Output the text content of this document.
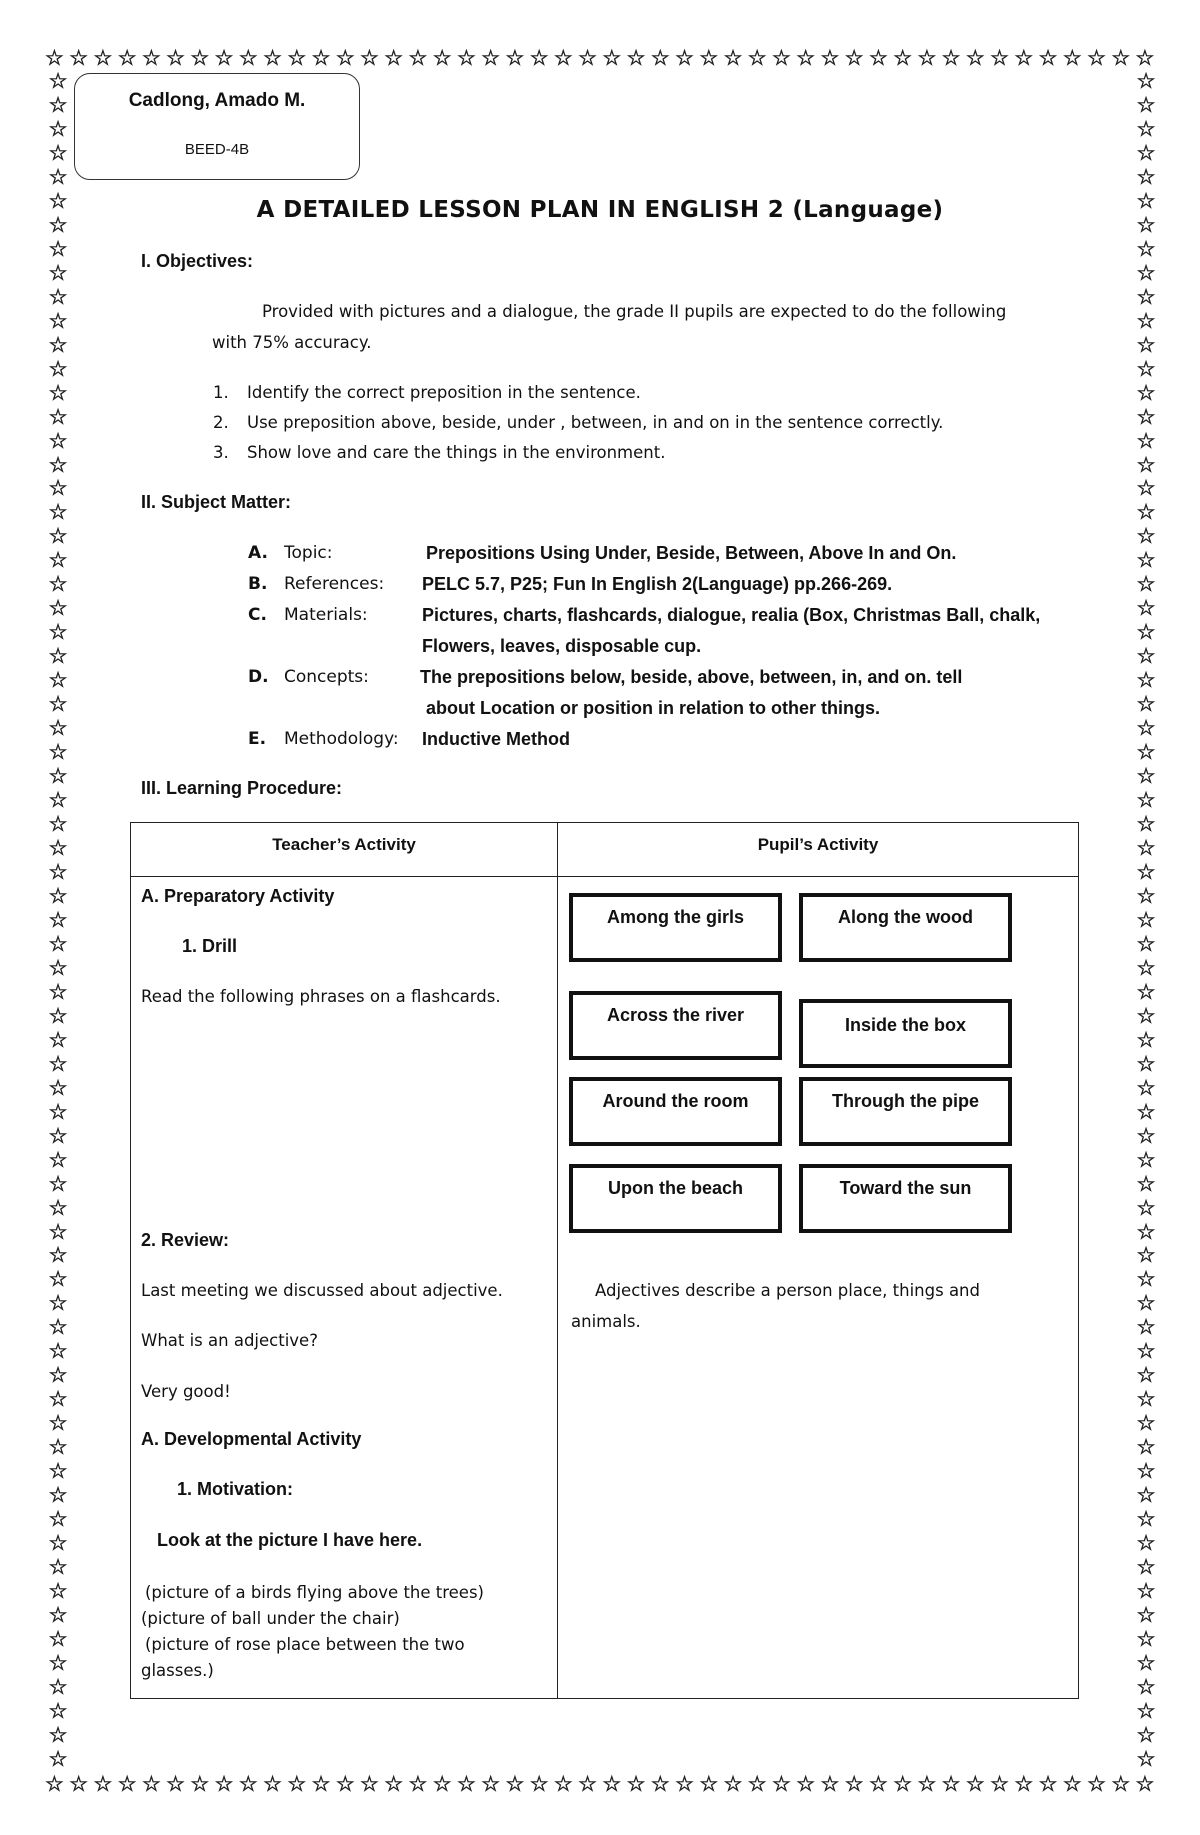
☆ ☆ ☆ ☆ ☆ ☆ ☆ ☆ ☆ ☆ ☆ ☆ ☆ ☆ ☆ ☆ ☆ ☆ ☆ ☆ ☆ ☆ ☆ ☆ ☆ ☆ ☆ ☆ ☆ ☆ ☆ ☆ ☆ ☆ ☆ ☆ ☆ ☆ ☆ ☆ ☆ ☆ ☆ ☆ ☆ ☆
☆ ☆ ☆ ☆ ☆ ☆ ☆ ☆ ☆ ☆ ☆ ☆ ☆ ☆ ☆ ☆ ☆ ☆ ☆ ☆ ☆ ☆ ☆ ☆ ☆ ☆ ☆ ☆ ☆ ☆ ☆ ☆ ☆ ☆ ☆ ☆ ☆ ☆ ☆ ☆ ☆ ☆ ☆ ☆ ☆ ☆
☆
☆
☆
☆
☆
☆
☆
☆
☆
☆
☆
☆
☆
☆
☆
☆
☆
☆
☆
☆
☆
☆
☆
☆
☆
☆
☆
☆
☆
☆
☆
☆
☆
☆
☆
☆
☆
☆
☆
☆
☆
☆
☆
☆
☆
☆
☆
☆
☆
☆
☆
☆
☆
☆
☆
☆
☆
☆
☆
☆
☆
☆
☆
☆
☆
☆
☆
☆
☆
☆
☆
☆
☆
☆
☆
☆
☆
☆
☆
☆
☆
☆
☆
☆
☆
☆
☆
☆
☆
☆
☆
☆
☆
☆
☆
☆
☆
☆
☆
☆
☆
☆
☆
☆
☆
☆
☆
☆
☆
☆
☆
☆
☆
☆
☆
☆
☆
☆
☆
☆
☆
☆
☆
☆
☆
☆
☆
☆
☆
☆
☆
☆
☆
☆
☆
☆
☆
☆
☆
☆
☆
☆
Cadlong, Amado M.
BEED-4B
A DETAILED LESSON PLAN IN ENGLISH 2 (Language)
I. Objectives:
Provided with pictures and a dialogue, the grade II pupils are expected to do the following
with 75% accuracy.
1. Identify the correct preposition in the sentence.
2. Use preposition above, beside, under , between, in and on in the sentence correctly.
3. Show love and care the things in the environment.
II. Subject Matter:
A. Topic:	Prepositions Using Under, Beside, Between, Above In and On.
B. References: PELC 5.7, P25; Fun In English 2(Language) pp.266-269.
C. Materials:	Pictures, charts, flashcards, dialogue, realia (Box, Christmas Ball, chalk,
Flowers, leaves, disposable cup.
D. Concepts:	The prepositions below, beside, above, between, in, and on. tell
about Location or position in relation to other things.
E. Methodology: Inductive Method
III. Learning Procedure:
Teacher’s Activity	Pupil’s Activity
A. Preparatory Activity
1. Drill
Read the following phrases on a flashcards.
2. Review:
Last meeting we discussed about adjective.
What is an adjective?
Very good!
A. Developmental Activity
1. Motivation:
Look at the picture I have here.
(picture of a birds flying above the trees)
(picture of ball under the chair)
(picture of rose place between the two
glasses.)
Among the girls	Along the wood
Across the river	Inside the box
Around the room	Through the pipe
Upon the beach	Toward the sun
Adjectives describe a person place, things and
animals.
